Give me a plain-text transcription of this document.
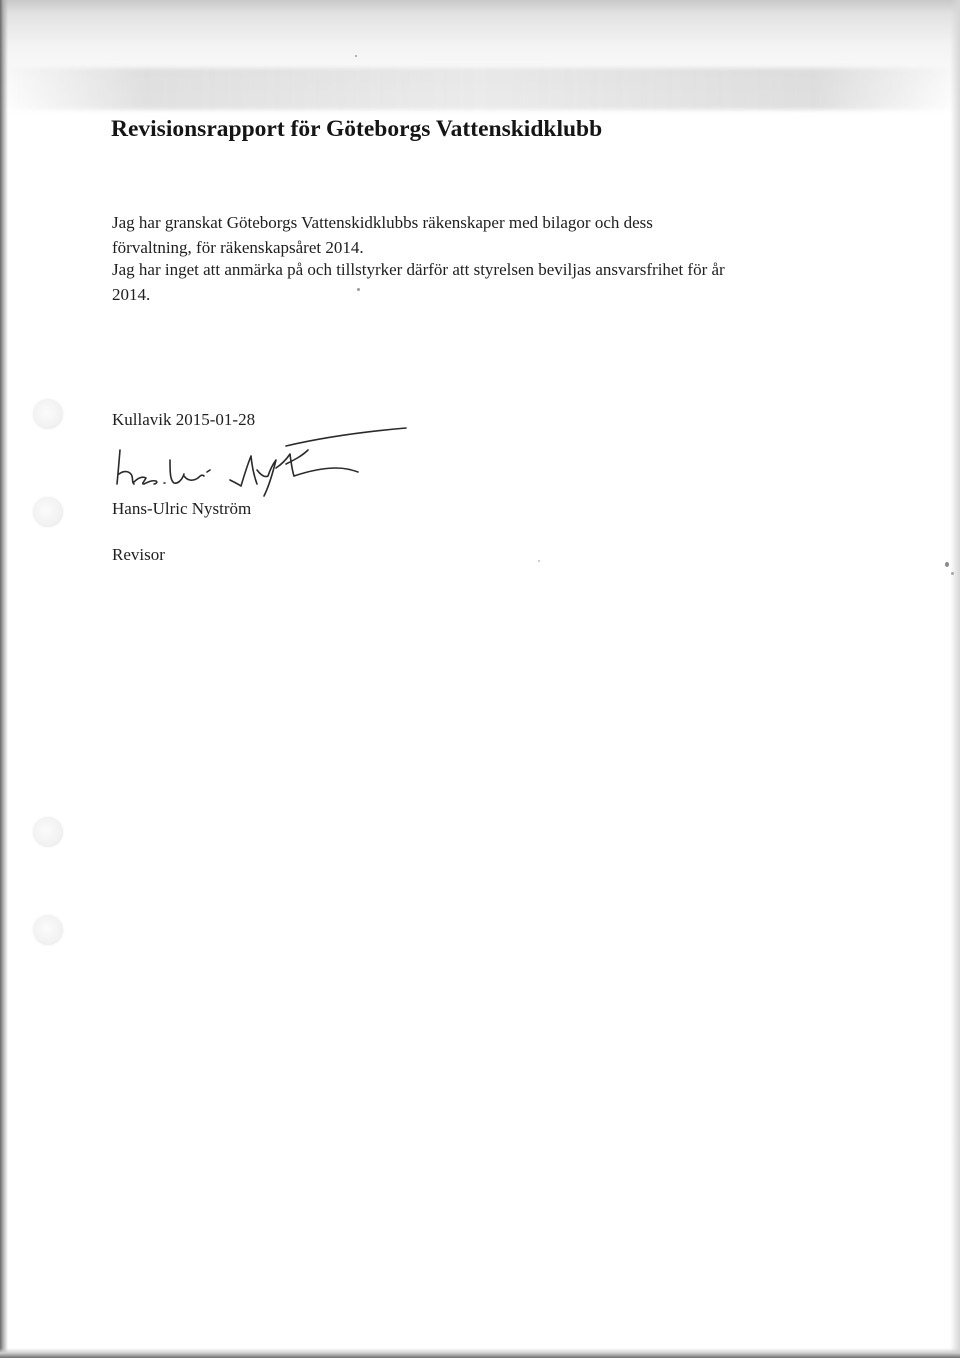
Revisionsrapport för Göteborgs Vattenskidklubb

Jag har granskat Göteborgs Vattenskidklubbs räkenskaper med bilagor och dess
förvaltning, för räkenskapsåret 2014.

Jag har inget att anmärka på och tillstyrker därför att styrelsen beviljas ansvarsfrihet för år
2014.

Kullavik 2015-01-28
Hans-Ulric Nyström
Revisor
